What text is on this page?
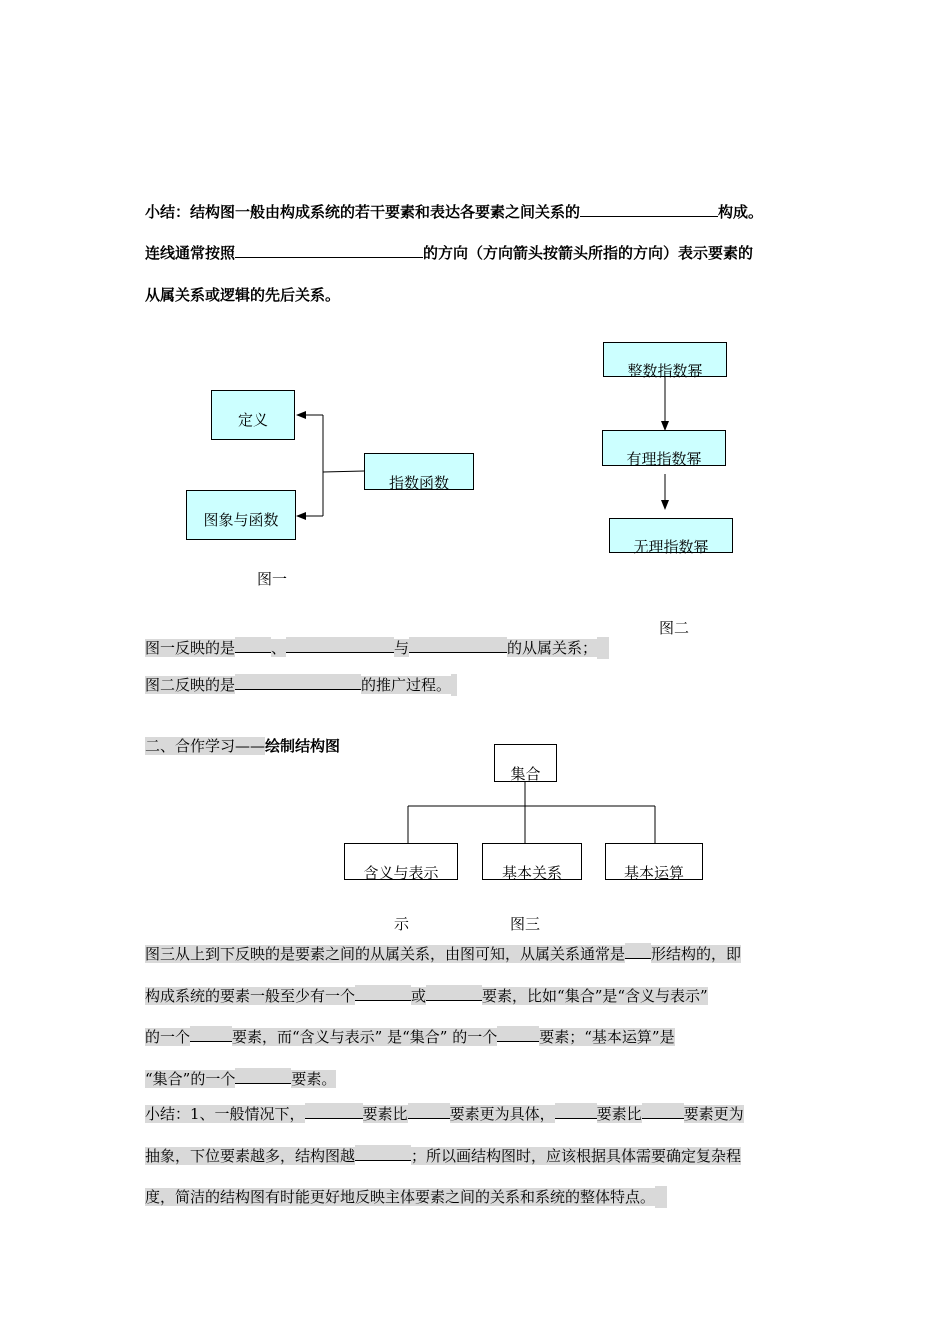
小结：结构图一般由构成系统的若干要素和表达各要素之间关系的	构成。
连线通常按照	的方向（方向箭头按箭头所指的方向）表示要素的
从属关系或逻辑的先后关系。
定义
图象与函数
指数函数
图一
整数指数幂
有理指数幂
无理指数幂
图二
图一反映的是 、	与	的从属关系；
图二反映的是	的推广过程。
二、合作学习——绘制结构图
集合
含义与表示	基本关系	基本运算
示	图三
图三从上到下反映的是要素之间的从属关系，由图可知，从属关系通常是 形结构的，即
构成系统的要素一般至少有一个	或	要素，比如“集合”是“含义与表示”
的一个	要素，而“含义与表示” 是“集合” 的一个	要素；“基本运算”是
“集合”的一个	要素。
小结：1、一般情况下，	要素比	要素更为具体，	要素比	要素更为
抽象，下位要素越多，结构图越	；所以画结构图时，应该根据具体需要确定复杂程
度，简洁的结构图有时能更好地反映主体要素之间的关系和系统的整体特点。
